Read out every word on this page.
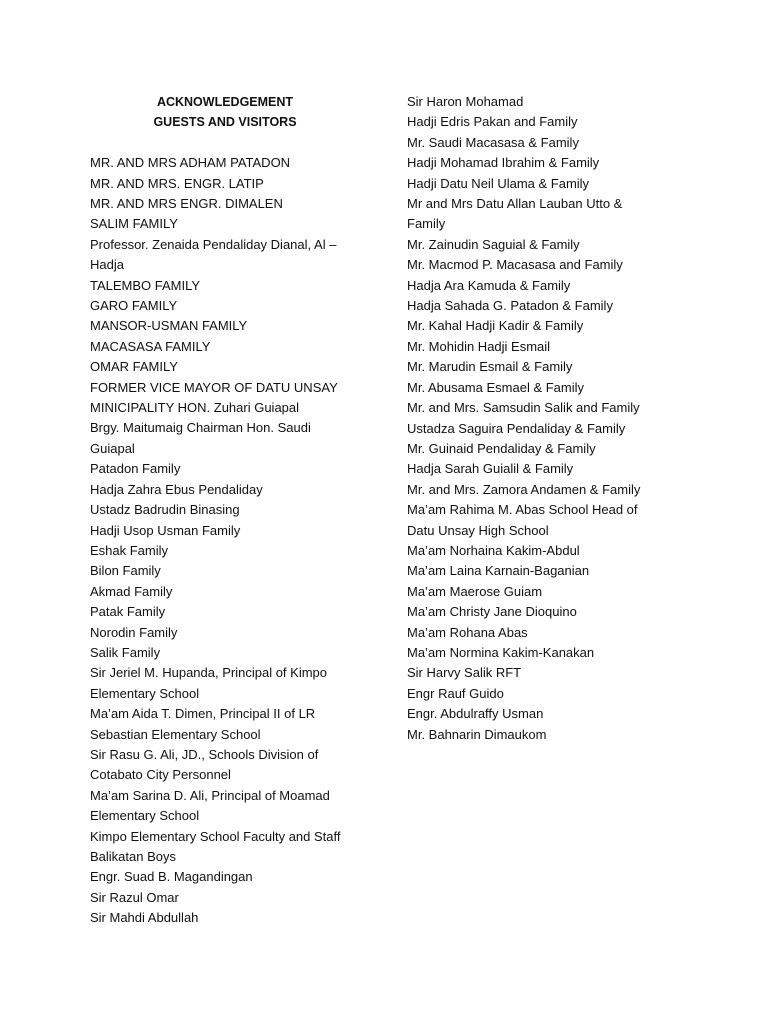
ACKNOWLEDGEMENT
GUESTS AND VISITORS
MR. AND MRS ADHAM PATADON
MR. AND MRS. ENGR. LATIP
MR. AND MRS ENGR. DIMALEN
SALIM FAMILY
Professor. Zenaida Pendaliday Dianal, Al –
Hadja
TALEMBO FAMILY
GARO FAMILY
MANSOR-USMAN FAMILY
MACASASA FAMILY
OMAR FAMILY
FORMER VICE MAYOR OF DATU UNSAY
MINICIPALITY HON. Zuhari Guiapal
Brgy. Maitumaig Chairman Hon. Saudi
Guiapal
Patadon Family
Hadja Zahra Ebus Pendaliday
Ustadz Badrudin Binasing
Hadji Usop Usman Family
Eshak Family
Bilon Family
Akmad Family
Patak Family
Norodin Family
Salik Family
Sir Jeriel M. Hupanda, Principal of Kimpo
Elementary School
Ma’am Aida T. Dimen, Principal II of LR
Sebastian Elementary School
Sir Rasu G. Ali, JD., Schools Division of
Cotabato City Personnel
Ma’am Sarina D. Ali, Principal of Moamad
Elementary School
Kimpo Elementary School Faculty and Staff
Balikatan Boys
Engr. Suad B. Magandingan
Sir Razul Omar
Sir Mahdi Abdullah
Sir Haron Mohamad
Hadji Edris Pakan and Family
Mr. Saudi Macasasa & Family
Hadji Mohamad Ibrahim & Family
Hadji Datu Neil Ulama & Family
Mr and Mrs Datu Allan Lauban Utto &
Family
Mr. Zainudin Saguial & Family
Mr. Macmod P. Macasasa and Family
Hadja Ara Kamuda & Family
Hadja Sahada G. Patadon & Family
Mr. Kahal Hadji Kadir & Family
Mr. Mohidin Hadji Esmail
Mr. Marudin Esmail & Family
Mr. Abusama Esmael & Family
Mr. and Mrs. Samsudin Salik and Family
Ustadza Saguira Pendaliday & Family
Mr. Guinaid Pendaliday & Family
Hadja Sarah Guialil & Family
Mr. and Mrs. Zamora Andamen & Family
Ma’am Rahima M. Abas School Head of
Datu Unsay High School
Ma’am Norhaina Kakim-Abdul
Ma’am Laina Karnain-Baganian
Ma’am Maerose Guiam
Ma’am Christy Jane Dioquino
Ma’am Rohana Abas
Ma’am Normina Kakim-Kanakan
Sir Harvy Salik RFT
Engr Rauf Guido
Engr. Abdulraffy Usman
Mr. Bahnarin Dimaukom
